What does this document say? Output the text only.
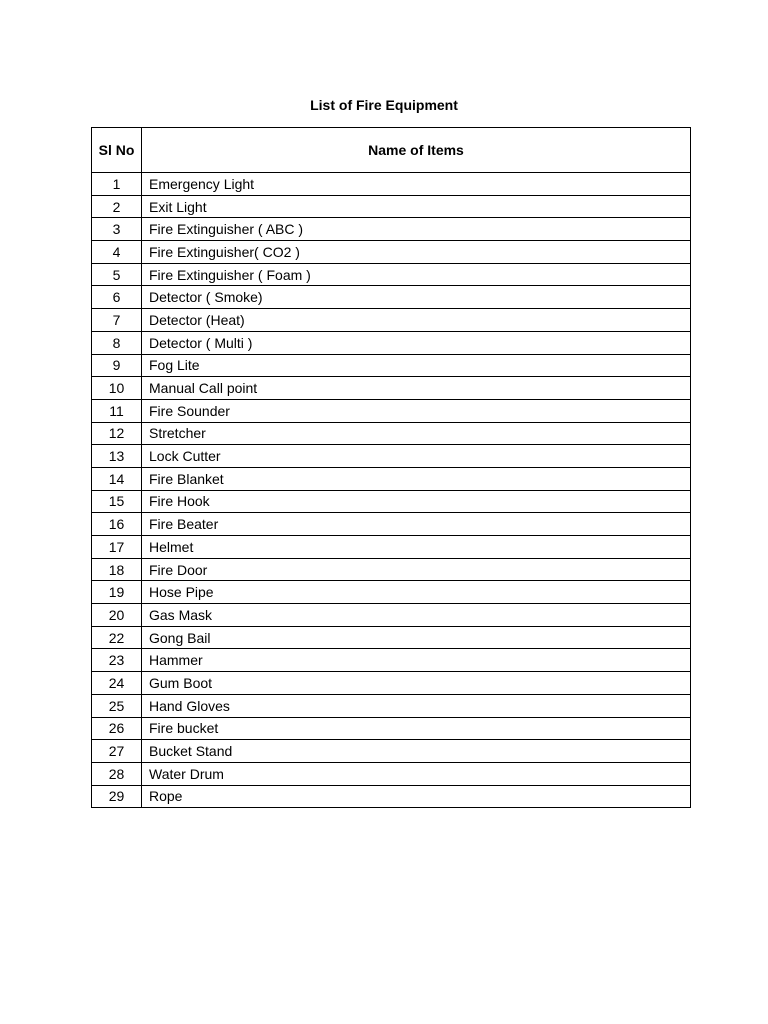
List of Fire Equipment
Sl No	Name of Items
1	Emergency Light
2	Exit Light
3	Fire Extinguisher ( ABC )
4	Fire Extinguisher( CO2 )
5	Fire Extinguisher ( Foam )
6	Detector ( Smoke)
7	Detector (Heat)
8	Detector ( Multi )
9	Fog Lite
10	Manual Call point
11	Fire Sounder
12	Stretcher
13	Lock Cutter
14	Fire Blanket
15	Fire Hook
16	Fire Beater
17	Helmet
18	Fire Door
19	Hose Pipe
20	Gas Mask
22	Gong Bail
23	Hammer
24	Gum Boot
25	Hand Gloves
26	Fire bucket
27	Bucket Stand
28	Water Drum
29	Rope
